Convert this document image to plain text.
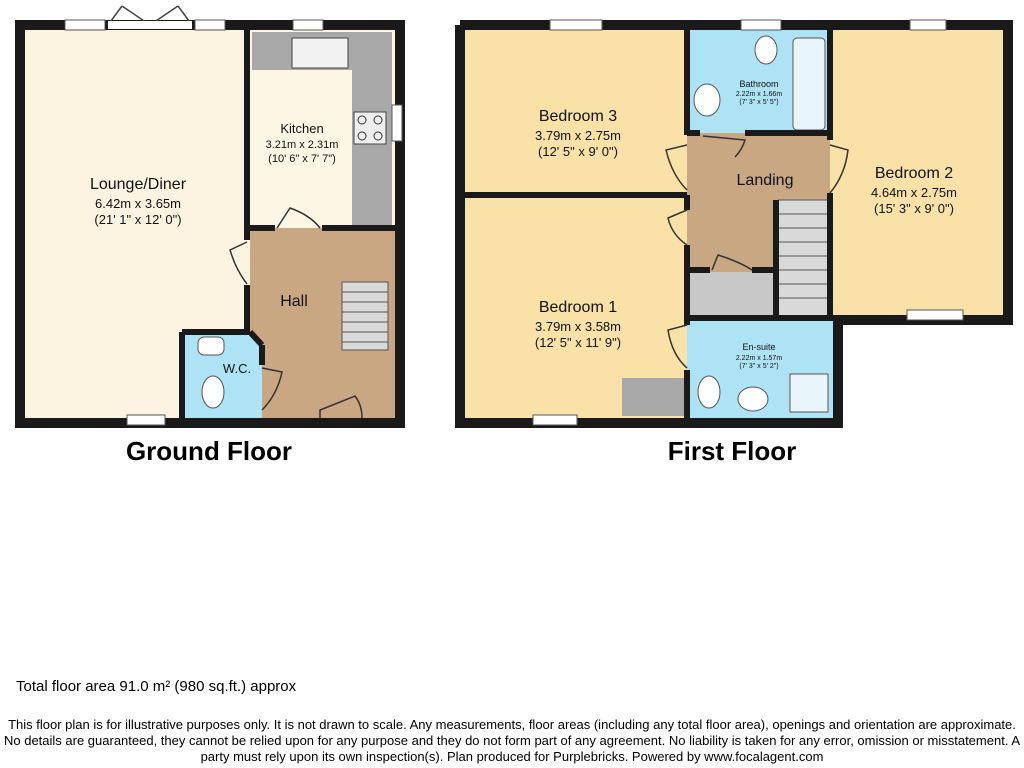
Lounge/Diner
6.42m x 3.65m
(21' 1" x 12' 0")
Kitchen
3.21m x 2.31m
(10' 6" x 7' 7")
Hall
W.C.
Bedroom 3
3.79m x 2.75m
(12' 5" x 9' 0")
Bathroom
2.22m x 1.66m
(7' 3" x 5' 5")
Bedroom 2
4.64m x 2.75m
(15' 3" x 9' 0")
Landing
Bedroom 1
3.79m x 3.58m
(12' 5" x 11' 9")	En-suite
2.22m x 1.57m
(7' 3" x 5' 2")
Ground Floor	First Floor
Total floor area 91.0 m² (980 sq.ft.) approx
This floor plan is for illustrative purposes only. It is not drawn to scale. Any measurements, floor areas (including any total floor area), openings and orientation are approximate. No details are guaranteed, they cannot be relied upon for any purpose and they do not form part of any agreement. No liability is taken for any error, omission or misstatement. A party must rely upon its own inspection(s). Plan produced for Purplebricks. Powered by www.focalagent.com
